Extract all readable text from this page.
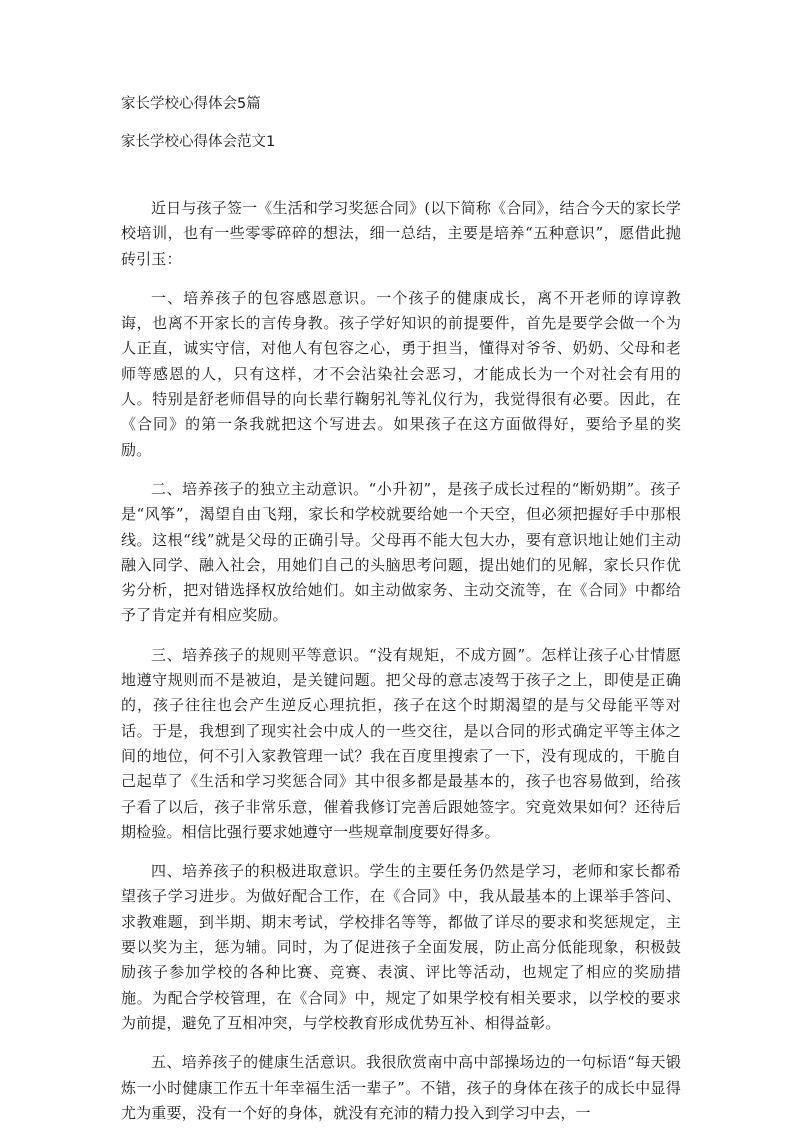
家长学校心得体会5篇
家长学校心得体会范文1

近日与孩子签一《生活和学习奖惩合同》(以下简称《合同》，结合今天的家长学校培训，也有一些零零碎碎的想法，细一总结，主要是培养“五种意识”，愿借此抛砖引玉：

一、培养孩子的包容感恩意识。一个孩子的健康成长，离不开老师的谆谆教诲，也离不开家长的言传身教。孩子学好知识的前提要件，首先是要学会做一个为人正直，诚实守信，对他人有包容之心，勇于担当，懂得对爷爷、奶奶、父母和老师等感恩的人，只有这样，才不会沾染社会恶习，才能成长为一个对社会有用的人。特别是舒老师倡导的向长辈行鞠躬礼等礼仪行为，我觉得很有必要。因此，在《合同》的第一条我就把这个写进去。如果孩子在这方面做得好，要给予星的奖励。

二、培养孩子的独立主动意识。“小升初”，是孩子成长过程的“断奶期”。孩子是“风筝”，渴望自由飞翔，家长和学校就要给她一个天空，但必须把握好手中那根线。这根“线”就是父母的正确引导。父母再不能大包大办，要有意识地让她们主动融入同学、融入社会，用她们自己的头脑思考问题，提出她们的见解，家长只作优劣分析，把对错选择权放给她们。如主动做家务、主动交流等，在《合同》中都给予了肯定并有相应奖励。

三、培养孩子的规则平等意识。“没有规矩，不成方圆”。怎样让孩子心甘情愿地遵守规则而不是被迫，是关键问题。把父母的意志凌驾于孩子之上，即使是正确的，孩子往往也会产生逆反心理抗拒，孩子在这个时期渴望的是与父母能平等对话。于是，我想到了现实社会中成人的一些交往，是以合同的形式确定平等主体之间的地位，何不引入家教管理一试？我在百度里搜索了一下，没有现成的，干脆自己起草了《生活和学习奖惩合同》其中很多都是最基本的，孩子也容易做到，给孩子看了以后，孩子非常乐意，催着我修订完善后跟她签字。究竟效果如何？还待后期检验。相信比强行要求她遵守一些规章制度要好得多。

四、培养孩子的积极进取意识。学生的主要任务仍然是学习，老师和家长都希望孩子学习进步。为做好配合工作，在《合同》中，我从最基本的上课举手答问、求教难题，到半期、期末考试，学校排名等等，都做了详尽的要求和奖惩规定，主要以奖为主，惩为辅。同时，为了促进孩子全面发展，防止高分低能现象，积极鼓励孩子参加学校的各种比赛、竞赛、表演、评比等活动，也规定了相应的奖励措施。为配合学校管理，在《合同》中，规定了如果学校有相关要求，以学校的要求为前提，避免了互相冲突，与学校教育形成优势互补、相得益彰。

五、培养孩子的健康生活意识。我很欣赏南中高中部操场边的一句标语“每天锻炼一小时健康工作五十年幸福生活一辈子”。不错，孩子的身体在孩子的成长中显得尤为重要，没有一个好的身体，就没有充沛的精力投入到学习中去，一
